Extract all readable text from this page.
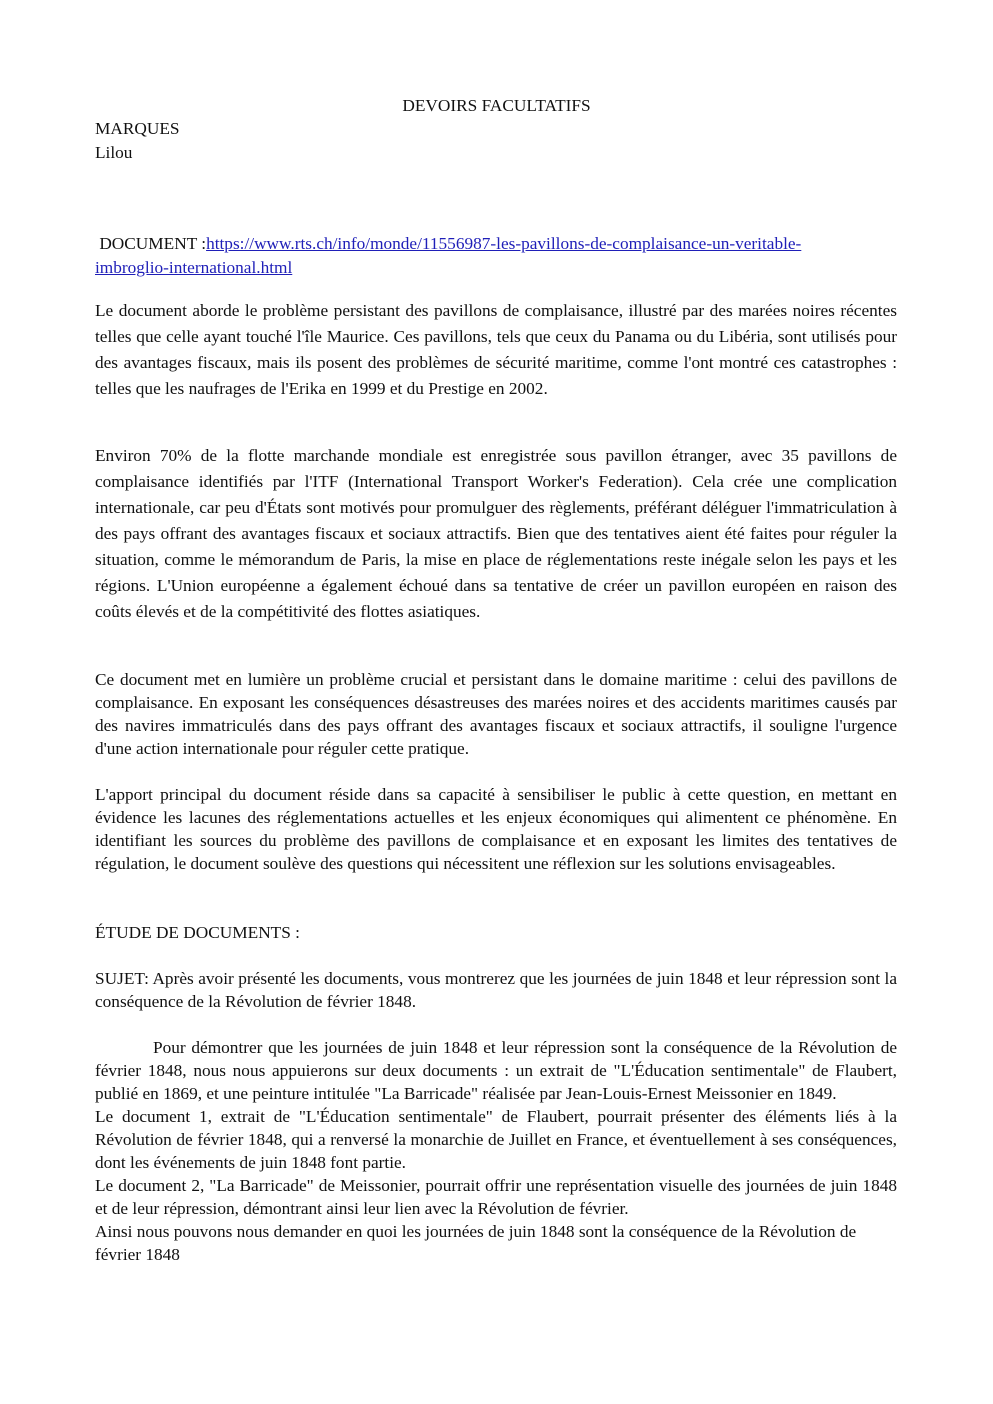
DEVOIRS FACULTATIFS
MARQUES
Lilou
DOCUMENT :https://www.rts.ch/info/monde/11556987-les-pavillons-de-complaisance-un-veritable-imbroglio-international.html

Le document aborde le problème persistant des pavillons de complaisance, illustré par des marées noires récentes telles que celle ayant touché l'île Maurice. Ces pavillons, tels que ceux du Panama ou du Libéria, sont utilisés pour des avantages fiscaux, mais ils posent des problèmes de sécurité maritime, comme l'ont montré ces catastrophes : telles que les naufrages de l'Erika en 1999 et du Prestige en 2002.

Environ 70% de la flotte marchande mondiale est enregistrée sous pavillon étranger, avec 35 pavillons de complaisance identifiés par l'ITF (International Transport Worker's Federation). Cela crée une complication internationale, car peu d'États sont motivés pour promulguer des règlements, préférant déléguer l'immatriculation à des pays offrant des avantages fiscaux et sociaux attractifs. Bien que des tentatives aient été faites pour réguler la situation, comme le mémorandum de Paris, la mise en place de réglementations reste inégale selon les pays et les régions. L'Union européenne a également échoué dans sa tentative de créer un pavillon européen en raison des coûts élevés et de la compétitivité des flottes asiatiques.

Ce document met en lumière un problème crucial et persistant dans le domaine maritime : celui des pavillons de complaisance. En exposant les conséquences désastreuses des marées noires et des accidents maritimes causés par des navires immatriculés dans des pays offrant des avantages fiscaux et sociaux attractifs, il souligne l'urgence d'une action internationale pour réguler cette pratique.

L'apport principal du document réside dans sa capacité à sensibiliser le public à cette question, en mettant en évidence les lacunes des réglementations actuelles et les enjeux économiques qui alimentent ce phénomène. En identifiant les sources du problème des pavillons de complaisance et en exposant les limites des tentatives de régulation, le document soulève des questions qui nécessitent une réflexion sur les solutions envisageables.

ÉTUDE DE DOCUMENTS :

SUJET: Après avoir présenté les documents, vous montrerez que les journées de juin 1848 et leur répression sont la conséquence de la Révolution de février 1848.

Pour démontrer que les journées de juin 1848 et leur répression sont la conséquence de la Révolution de février 1848, nous nous appuierons sur deux documents : un extrait de "L'Éducation sentimentale" de Flaubert, publié en 1869, et une peinture intitulée "La Barricade" réalisée par Jean-Louis-Ernest Meissonier en 1849.

Le document 1, extrait de "L'Éducation sentimentale" de Flaubert, pourrait présenter des éléments liés à la Révolution de février 1848, qui a renversé la monarchie de Juillet en France, et éventuellement à ses conséquences, dont les événements de juin 1848 font partie.

Le document 2, "La Barricade" de Meissonier, pourrait offrir une représentation visuelle des journées de juin 1848 et de leur répression, démontrant ainsi leur lien avec la Révolution de février.

Ainsi nous pouvons nous demander en quoi les journées de juin 1848 sont la conséquence de la Révolution de février 1848
